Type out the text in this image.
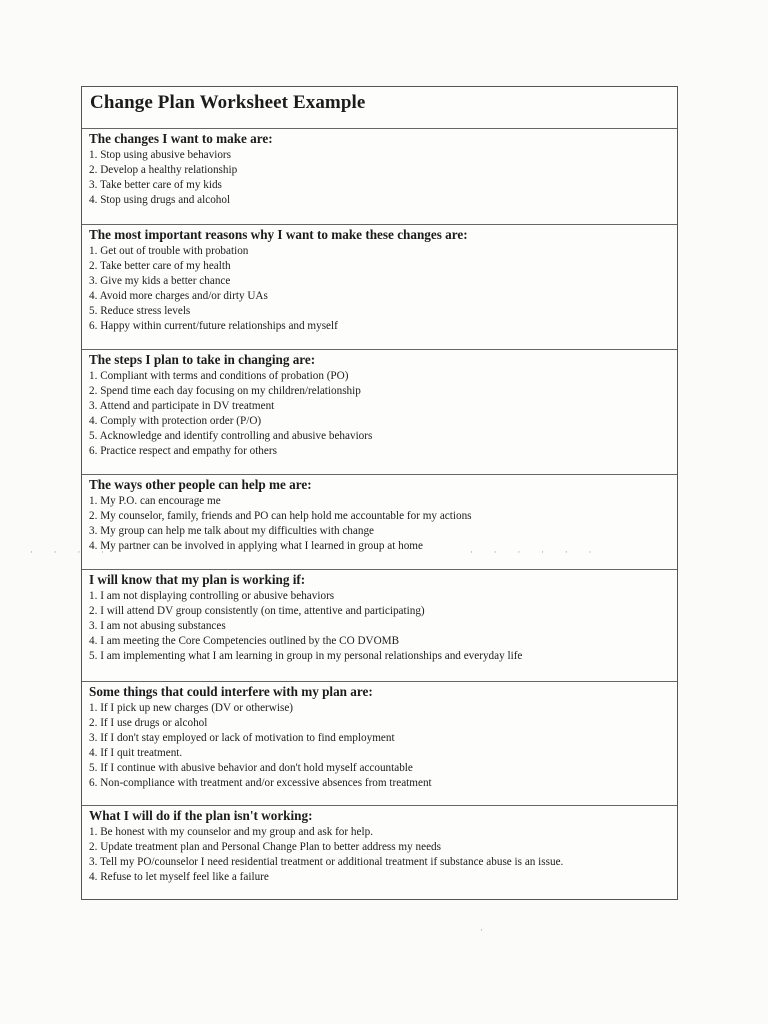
Change Plan Worksheet Example
The changes I want to make are:
1. Stop using abusive behaviors
2. Develop a healthy relationship
3. Take better care of my kids
4. Stop using drugs and alcohol
The most important reasons why I want to make these changes are:
1. Get out of trouble with probation
2. Take better care of my health
3. Give my kids a better chance
4. Avoid more charges and/or dirty UAs
5. Reduce stress levels
6. Happy within current/future relationships and myself
The steps I plan to take in changing are:
1. Compliant with terms and conditions of probation (PO)
2. Spend time each day focusing on my children/relationship
3. Attend and participate in DV treatment
4. Comply with protection order (P/O)
5. Acknowledge and identify controlling and abusive behaviors
6. Practice respect and empathy for others
The ways other people can help me are:
1. My P.O. can encourage me
2. My counselor, family, friends and PO can help hold me accountable for my actions
3. My group can help me talk about my difficulties with change
4. My partner can be involved in applying what I learned in group at home
I will know that my plan is working if:
1. I am not displaying controlling or abusive behaviors
2. I will attend DV group consistently (on time, attentive and participating)
3. I am not abusing substances
4. I am meeting the Core Competencies outlined by the CO DVOMB
5. I am implementing what I am learning in group in my personal relationships and everyday life
Some things that could interfere with my plan are:
1. If I pick up new charges (DV or otherwise)
2. If I use drugs or alcohol
3. If I don't stay employed or lack of motivation to find employment
4. If I quit treatment.
5. If I continue with abusive behavior and don't hold myself accountable
6. Non-compliance with treatment and/or excessive absences from treatment
What I will do if the plan isn't working:
1. Be honest with my counselor and my group and ask for help.
2. Update treatment plan and Personal Change Plan to better address my needs
3. Tell my PO/counselor I need residential treatment or additional treatment if substance abuse is an issue.
4. Refuse to let myself feel like a failure
· · · ·	· · · · · ·
·
